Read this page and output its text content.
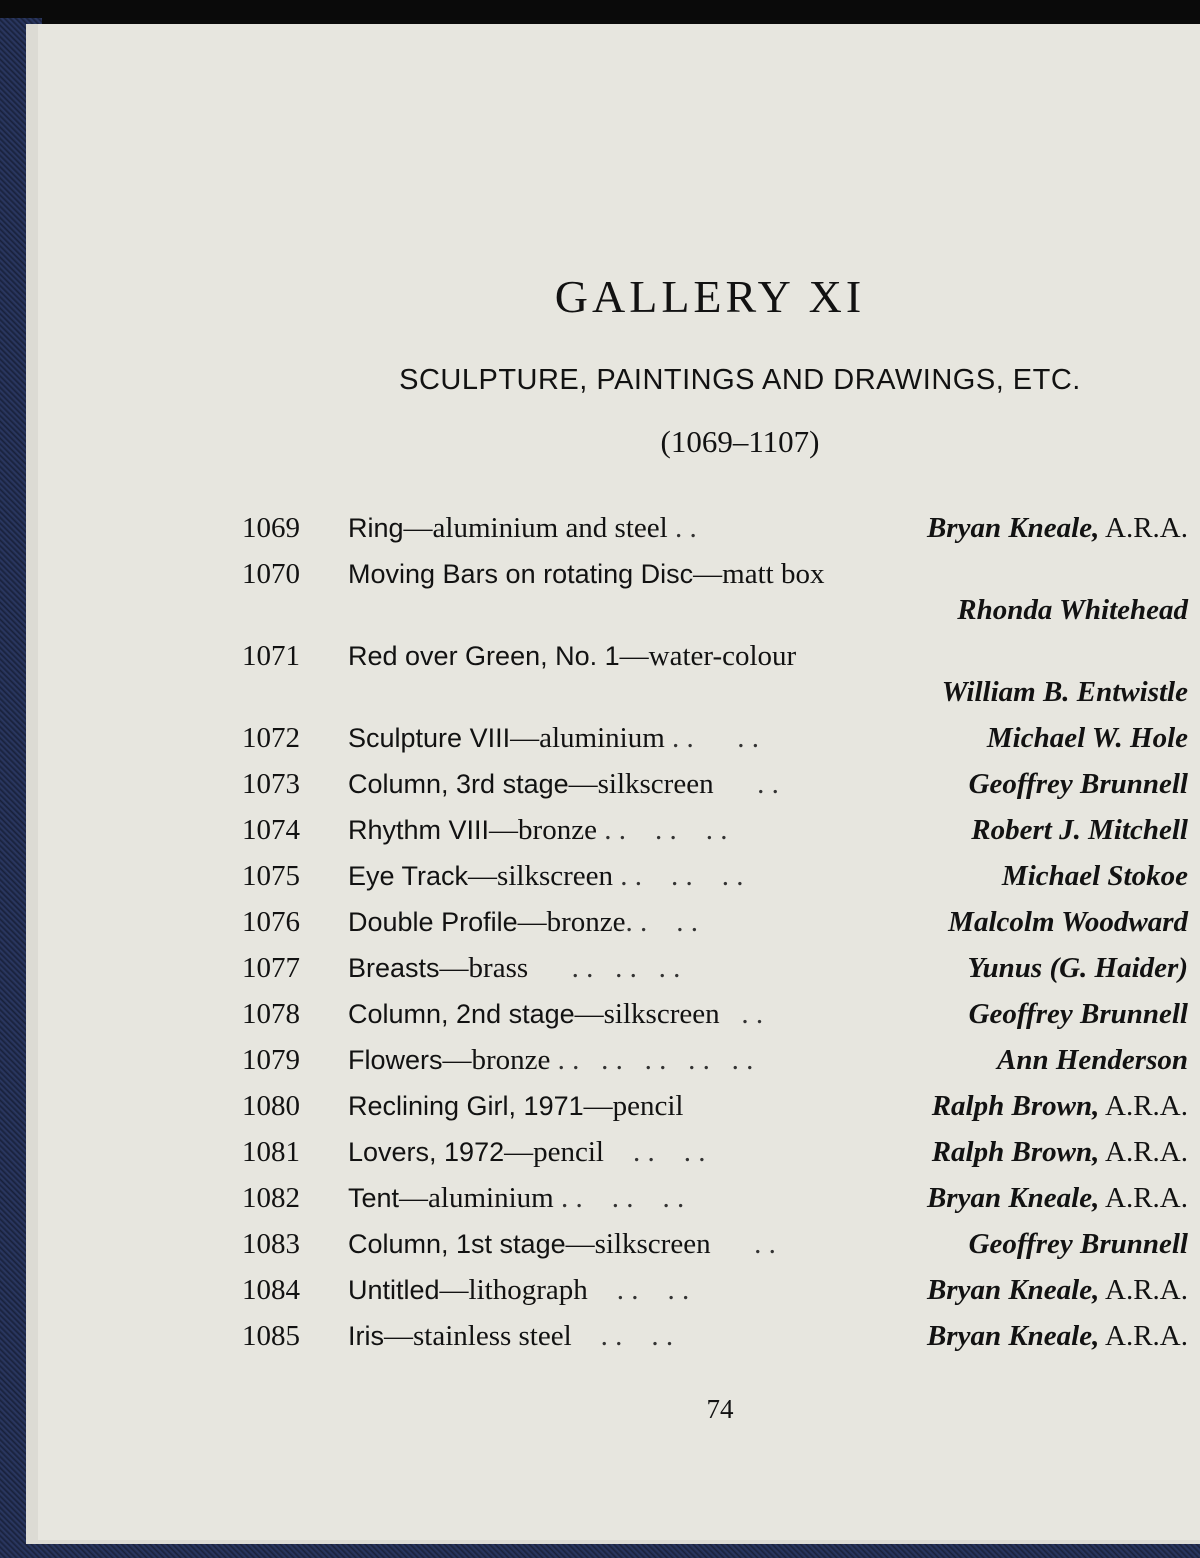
GALLERY XI
SCULPTURE, PAINTINGS AND DRAWINGS, ETC.
(1069–1107)
1069	Ring—aluminium and steel . .	Bryan Kneale, A.R.A.
1070	Moving Bars on rotating Disc—matt box
Rhonda Whitehead
1071	Red over Green, No. 1—water-colour
William B. Entwistle
1072	Sculpture VIII—aluminium . .      . .	Michael W. Hole
1073	Column, 3rd stage—silkscreen      . .	Geoffrey Brunnell
1074	Rhythm VIII—bronze . .    . .    . .	Robert J. Mitchell
1075	Eye Track—silkscreen . .    . .    . .	Michael Stokoe
1076	Double Profile—bronze. .    . .	Malcolm Woodward
1077	Breasts—brass      . .   . .   . .	Yunus (G. Haider)
1078	Column, 2nd stage—silkscreen   . .	Geoffrey Brunnell
1079	Flowers—bronze . .   . .   . .   . .   . .	Ann Henderson
1080	Reclining Girl, 1971—pencil	Ralph Brown, A.R.A.
1081	Lovers, 1972—pencil    . .    . .	Ralph Brown, A.R.A.
1082	Tent—aluminium . .    . .    . .	Bryan Kneale, A.R.A.
1083	Column, 1st stage—silkscreen      . .	Geoffrey Brunnell
1084	Untitled—lithograph    . .    . .	Bryan Kneale, A.R.A.
1085	Iris—stainless steel    . .    . .	Bryan Kneale, A.R.A.
74
